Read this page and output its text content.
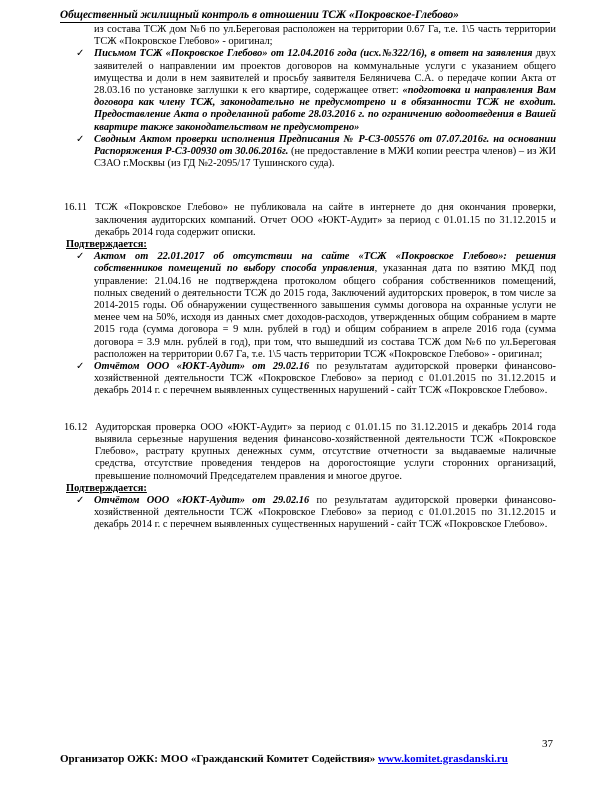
Общественный жилищный контроль в отношении ТСЖ «Покровское-Глебово»
из состава ТСЖ дом №6 по ул.Береговая расположен на территории 0.67 Га, т.е. 1\5 часть территории ТСЖ «Покровское Глебово» - оригинал;
✓ Письмом ТСЖ «Покровское Глебово» от 12.04.2016 года (исх.№322/16), в ответ на заявления двух заявителей о направлении им проектов договоров на коммунальные услуги с указанием общего имущества и доли в нем заявителей и просьбу заявителя Беляничева С.А. о передаче копии Акта от 28.03.16 по установке заглушки к его квартире, содержащее ответ: «подготовка и направления Вам договора как члену ТСЖ, законодательно не предусмотрено и в обязанности ТСЖ не входит. Предоставление Акта о проделанной работе 28.03.2016 г. по ограничению водоотведения в Вашей квартире также законодательством не предусмотрено»
✓ Сводным Актом проверки исполнения Предписания № Р-СЗ-005576 от 07.07.2016г. на основании Распоряжения Р-СЗ-00930 от 30.06.2016г. (не предоставление в МЖИ копии реестра членов) – из ЖИ СЗАО г.Москвы (из ГД №2-2095/17 Тушинского суда).
16.11 ТСЖ «Покровское Глебово» не публиковала на сайте в интернете до дня окончания проверки, заключения аудиторских компаний. Отчет ООО «ЮКТ-Аудит» за период с 01.01.15 по 31.12.2015 и декабрь 2014 года содержит описки.
Подтверждается:
✓ Актом от 22.01.2017 об отсутствии на сайте «ТСЖ «Покровское Глебово»: решения собственников помещений по выбору способа управления, указанная дата по взятию МКД под управление: 21.04.16 не подтверждена протоколом общего собрания собственников помещений, полных сведений о деятельности ТСЖ до 2015 года, Заключений аудиторских проверок, в том числе за 2014-2015 годы. Об обнаружении существенного завышения суммы договора на охранные услуги не менее чем на 50%, исходя из данных смет доходов-расходов, утвержденных общим собранием в марте 2015 года (сумма договора = 9 млн. рублей в год) и общим собранием в апреле 2016 года (сумма договора = 3.9 млн. рублей в год), при том, что вышедший из состава ТСЖ дом №6 по ул.Береговая расположен на территории 0.67 Га, т.е. 1\5 часть территории ТСЖ «Покровское Глебово» - оригинал;
✓ Отчётом ООО «ЮКТ-Аудит» от 29.02.16 по результатам аудиторской проверки финансово-хозяйственной деятельности ТСЖ «Покровское Глебово» за период с 01.01.2015 по 31.12.2015 и декабрь 2014 г. с перечнем выявленных существенных нарушений - сайт ТСЖ «Покровское Глебово».
16.12 Аудиторская проверка ООО «ЮКТ-Аудит» за период с 01.01.15 по 31.12.2015 и декабрь 2014 года выявила серьезные нарушения ведения финансово-хозяйственной деятельности ТСЖ «Покровское Глебово», растрату крупных денежных сумм, отсутствие отчетности за выдаваемые наличные средства, отсутствие проведения тендеров на дорогостоящие услуги сторонних организаций, превышение полномочий Председателем правления и многое другое.
Подтверждается:
✓ Отчётом ООО «ЮКТ-Аудит» от 29.02.16 по результатам аудиторской проверки финансово-хозяйственной деятельности ТСЖ «Покровское Глебово» за период с 01.01.2015 по 31.12.2015 и декабрь 2014 г. с перечнем выявленных существенных нарушений - сайт ТСЖ «Покровское Глебово».
37
Организатор ОЖК: МОО «Гражданский Комитет Содействия» www.komitet.grasdanski.ru
